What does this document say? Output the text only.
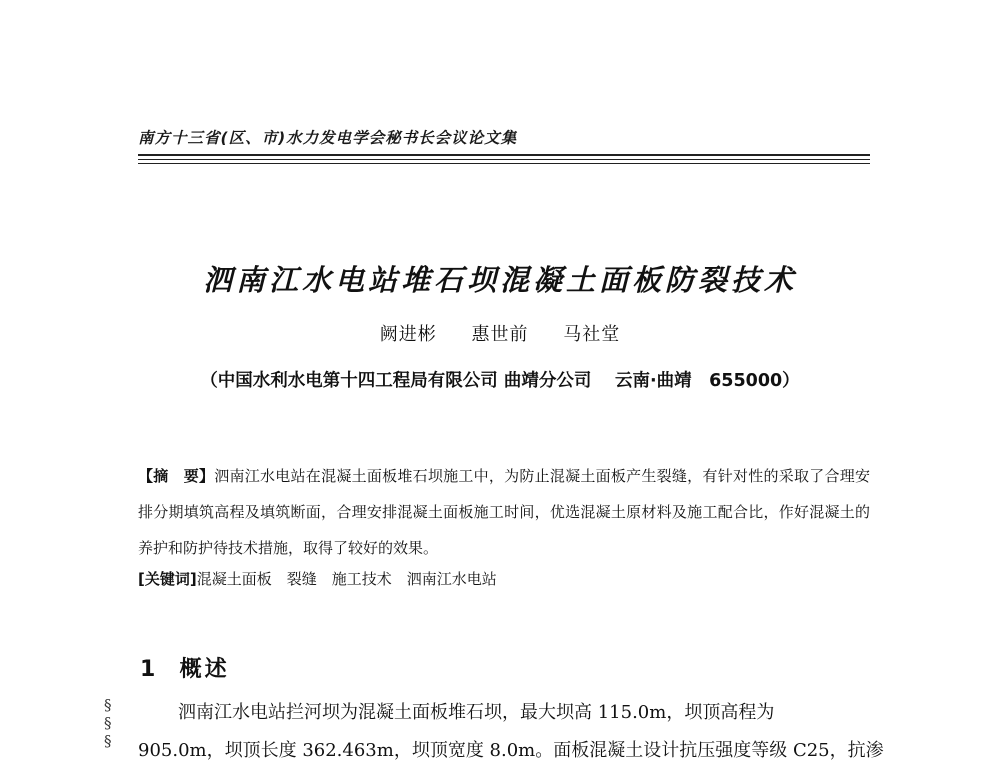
南方十三省(区、市)水力发电学会秘书长会议论文集
泗南江水电站堆石坝混凝土面板防裂技术
阙进彬 惠世前 马社堂
（中国水利水电第十四工程局有限公司 曲靖分公司　 云南·曲靖　655000）

【摘　要】泗南江水电站在混凝土面板堆石坝施工中，为防止混凝土面板产生裂缝，有针对性的采取了合理安排分期填筑高程及填筑断面，合理安排混凝土面板施工时间，优选混凝土原材料及施工配合比，作好混凝土的养护和防护待技术措施，取得了较好的效果。

[关键词]混凝土面板　裂缝　施工技术　泗南江水电站
1 概述
§
§
§
泗南江水电站拦河坝为混凝土面板堆石坝，最大坝高 115.0m，坝顶高程为
905.0m，坝顶长度 362.463m，坝顶宽度 8.0m。面板混凝土设计抗压强度等级 C25，抗渗
